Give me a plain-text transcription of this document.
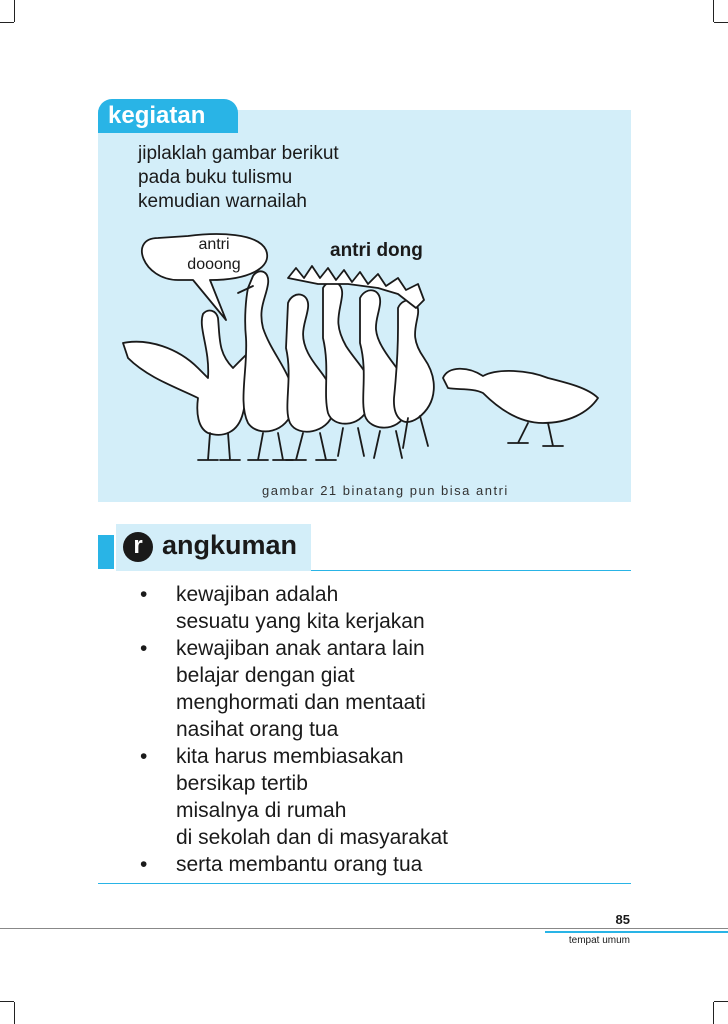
kegiatan
jiplaklah gambar berikut
pada buku tulismu
kemudian warnailah
antri
dooong
antri dong
gambar 21 binatang pun bisa antri
r angkuman
• kewajiban adalah
sesuatu yang kita kerjakan
• kewajiban anak antara lain
belajar dengan giat
menghormati dan mentaati
nasihat orang tua
• kita harus membiasakan
bersikap tertib
misalnya di rumah
di sekolah dan di masyarakat
• serta membantu orang tua
85
tempat umum
